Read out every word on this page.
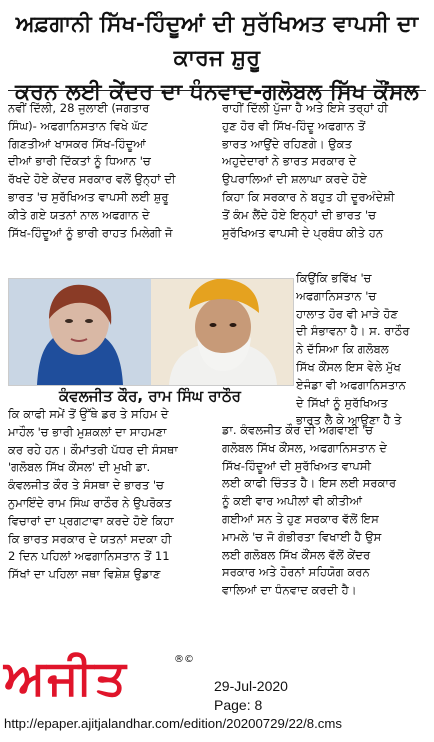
ਅਫ਼ਗਾਨੀ ਸਿੱਖ-ਹਿੰਦੂਆਂ ਦੀ ਸੁਰੱਖਿਅਤ ਵਾਪਸੀ ਦਾ ਕਾਰਜ ਸ਼ੁਰੂ
ਕਰਨ ਲਈ ਕੇਂਦਰ ਦਾ ਧੰਨਵਾਦ-ਗਲੋਬਲ ਸਿੱਖ ਕੌਂਸਲ
ਨਵੀਂ ਦਿੱਲੀ, 28 ਜੁਲਾਈ (ਜਗਤਾਰ
ਸਿੰਘ)- ਅਫਗਾਨਿਸਤਾਨ ਵਿਖੇ ਘੱਟ
ਗਿਣਤੀਆਂ ਖਾਸਕਰ ਸਿੱਖ-ਹਿੰਦੂਆਂ
ਦੀਆਂ ਭਾਰੀ ਦਿੱਕਤਾਂ ਨੂੰ ਧਿਆਨ 'ਚ
ਰੱਖਦੇ ਹੋਏ ਕੇਂਦਰ ਸਰਕਾਰ ਵਲੋਂ ਉਨ੍ਹਾਂ ਦੀ
ਭਾਰਤ 'ਚ ਸੁਰੱਖਿਅਤ ਵਾਪਸੀ ਲਈ ਸ਼ੁਰੂ
ਕੀਤੇ ਗਏ ਯਤਨਾਂ ਨਾਲ ਅਫਗਾਨ ਦੇ
ਸਿੱਖ-ਹਿੰਦੂਆਂ ਨੂੰ ਭਾਰੀ ਰਾਹਤ ਮਿਲੇਗੀ ਜੋ
ਰਾਹੀਂ ਦਿੱਲੀ ਪੁੱਜਾ ਹੈ ਅਤੇ ਇਸੇ ਤਰ੍ਹਾਂ ਹੀ
ਹੁਣ ਹੋਰ ਵੀ ਸਿੱਖ-ਹਿੰਦੂ ਅਫਗਾਨ ਤੋਂ
ਭਾਰਤ ਆਉਂਦੇ ਰਹਿਣਗੇ। ਉਕਤ
ਅਹੁਦੇਦਾਰਾਂ ਨੇ ਭਾਰਤ ਸਰਕਾਰ ਦੇ
ਉਪਰਾਲਿਆਂ ਦੀ ਸ਼ਲਾਘਾ ਕਰਦੇ ਹੋਏ
ਕਿਹਾ ਕਿ ਸਰਕਾਰ ਨੇ ਬਹੁਤ ਹੀ ਦੂਰਅੰਦੇਸ਼ੀ
ਤੋਂ ਕੰਮ ਲੈਂਦੇ ਹੋਏ ਇਨ੍ਹਾਂ ਦੀ ਭਾਰਤ 'ਚ
ਸੁਰੱਖਿਅਤ ਵਾਪਸੀ ਦੇ ਪ੍ਰਬੰਧ ਕੀਤੇ ਹਨ
ਕਿਉਂਕਿ ਭਵਿੱਖ 'ਚ
ਅਫਗਾਨਿਸਤਾਨ 'ਚ
ਹਾਲਾਤ ਹੋਰ ਵੀ ਮਾੜੇ ਹੋਣ
ਦੀ ਸੰਭਾਵਨਾ ਹੈ। ਸ. ਰਾਠੌਰ
ਨੇ ਦੱਸਿਆ ਕਿ ਗਲੋਬਲ
ਸਿੱਖ ਕੌਂਸਲ ਇਸ ਵੇਲੇ ਮੁੱਖ
ਏਜੰਡਾ ਵੀ ਅਫਗਾਨਿਸਤਾਨ
ਦੇ ਸਿੱਖਾਂ ਨੂੰ ਸੁਰੱਖਿਅਤ
ਭਾਰਤ ਲੈ ਕੇ ਆਉਣਾ ਹੈ ਤੇ
ਕੰਵਲਜੀਤ ਕੌਰ, ਰਾਮ ਸਿੰਘ ਰਾਠੌਰ
ਕਿ ਕਾਫੀ ਸਮੇਂ ਤੋਂ ਉੱਥੇ ਡਰ ਤੇ ਸਹਿਮ ਦੇ
ਮਾਹੌਲ 'ਚ ਭਾਰੀ ਮੁਸ਼ਕਲਾਂ ਦਾ ਸਾਹਮਣਾ
ਕਰ ਰਹੇ ਹਨ। ਕੌਮਾਂਤਰੀ ਪੱਧਰ ਦੀ ਸੰਸਥਾ
'ਗਲੋਬਲ ਸਿੱਖ ਕੌਂਸਲ' ਦੀ ਮੁਖੀ ਡਾ.
ਕੰਵਲਜੀਤ ਕੌਰ ਤੇ ਸੰਸਥਾ ਦੇ ਭਾਰਤ 'ਚ
ਨੁਮਾਇੰਦੇ ਰਾਮ ਸਿੰਘ ਰਾਠੌਰ ਨੇ ਉਪਰੋਕਤ
ਵਿਚਾਰਾਂ ਦਾ ਪ੍ਰਗਟਾਵਾ ਕਰਦੇ ਹੋਏ ਕਿਹਾ
ਕਿ ਭਾਰਤ ਸਰਕਾਰ ਦੇ ਯਤਨਾਂ ਸਦਕਾ ਹੀ
2 ਦਿਨ ਪਹਿਲਾਂ ਅਫਗਾਨਿਸਤਾਨ ਤੋਂ 11
ਸਿੱਖਾਂ ਦਾ ਪਹਿਲਾ ਜਥਾ ਵਿਸ਼ੇਸ਼ ਉਡਾਣ
ਡਾ. ਕੰਵਲਜੀਤ ਕੌਰ ਦੀ ਅਗਵਾਈ 'ਚ
ਗਲੋਬਲ ਸਿੱਖ ਕੌਂਸਲ, ਅਫਗਾਨਿਸਤਾਨ ਦੇ
ਸਿੱਖ-ਹਿੰਦੂਆਂ ਦੀ ਸੁਰੱਖਿਅਤ ਵਾਪਸੀ
ਲਈ ਕਾਫੀ ਚਿੰਤਤ ਹੈ। ਇਸ ਲਈ ਸਰਕਾਰ
ਨੂੰ ਕਈ ਵਾਰ ਅਪੀਲਾਂ ਵੀ ਕੀਤੀਆਂ
ਗਈਆਂ ਸਨ ਤੇ ਹੁਣ ਸਰਕਾਰ ਵੱਲੋਂ ਇਸ
ਮਾਮਲੇ 'ਚ ਜੋ ਗੰਭੀਰਤਾ ਵਿਖਾਈ ਹੈ ਉਸ
ਲਈ ਗਲੋਬਲ ਸਿੱਖ ਕੌਂਸਲ ਵੱਲੋਂ ਕੇਂਦਰ
ਸਰਕਾਰ ਅਤੇ ਹੋਰਨਾਂ ਸਹਿਯੋਗ ਕਰਨ
ਵਾਲਿਆਂ ਦਾ ਧੰਨਵਾਦ ਕਰਦੀ ਹੈ।
ਅਜੀਤ	®©
29-Jul-2020
Page: 8
http://epaper.ajitjalandhar.com/edition/20200729/22/8.cms
